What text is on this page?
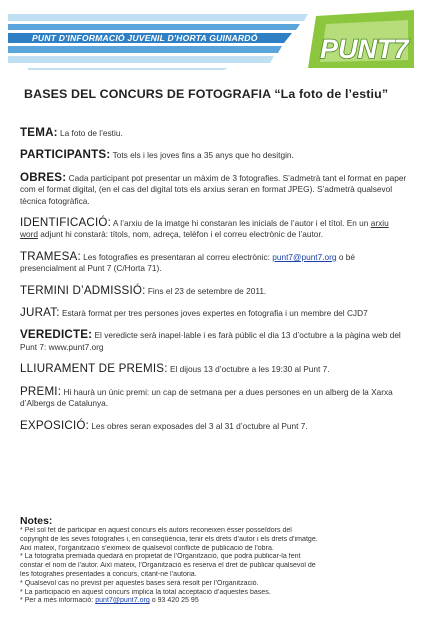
PUNT D'INFORMACIÓ JUVENIL D'HORTA GUINARDÓ PUNT7
BASES DEL CONCURS DE FOTOGRAFIA “La foto de l’estiu”

TEMA: La foto de l’estiu.

PARTICIPANTS: Tots els i les joves fins a 35 anys que ho desitgin.

OBRES: Cada participant pot presentar un màxim de 3 fotografies. S’admetrà tant el format en paper com el format digital, (en el cas del digital tots els arxius seran en format JPEG). S’admetrà qualsevol tècnica fotogràfica.

IDENTIFICACIÓ: A l’arxiu de la imatge hi constaran les inicials de l’autor i el títol. En un arxiu word adjunt hi constarà: títols, nom, adreça, telèfon i el correu electrònic de l’autor.

TRAMESA: Les fotografies es presentaran al correu electrònic: punt7@punt7.org o bé presencialment al Punt 7 (C/Horta 71).

TERMINI D’ADMISSIÓ: Fins el 23 de setembre de 2011.

JURAT: Estarà format per tres persones joves expertes en fotografia i un membre del CJD7

VEREDICTE: El veredicte serà inapel·lable i es farà públic el dia 13 d’octubre a la pàgina web del Punt 7: www.punt7.org

LLIURAMENT DE PREMIS: El dijous 13 d’octubre a les 19:30 al Punt 7.

PREMI: Hi haurà un únic premi: un cap de setmana per a dues persones en un alberg de la Xarxa d’Albergs de Catalunya.

EXPOSICIÓ: Les obres seran exposades del 3 al 31 d’octubre al Punt 7.

Notes:

* Pel sol fet de participar en aquest concurs els autors reconeixen ésser posseïdors del

copyright de les seves fotografies i, en conseqüència, tenir els drets d’autor i els drets d’imatge.

Així mateix, l’organització s’eximeix de qualsevol conflicte de publicació de l’obra.

* La fotografia premiada quedarà en propietat de l’Organització, que podrà publicar-la fent

constar el nom de l’autor. Així mateix, l’Organització es reserva el dret de publicar qualsevol de

les fotografies presentades a concurs, citant-ne l’autoria.

* Qualsevol cas no previst per aquestes bases serà resolt per l’Organització.

* La participació en aquest concurs implica la total acceptació d’aquestes bases.

* Per a més informació: punt7@punt7.org o 93 420 25 95
